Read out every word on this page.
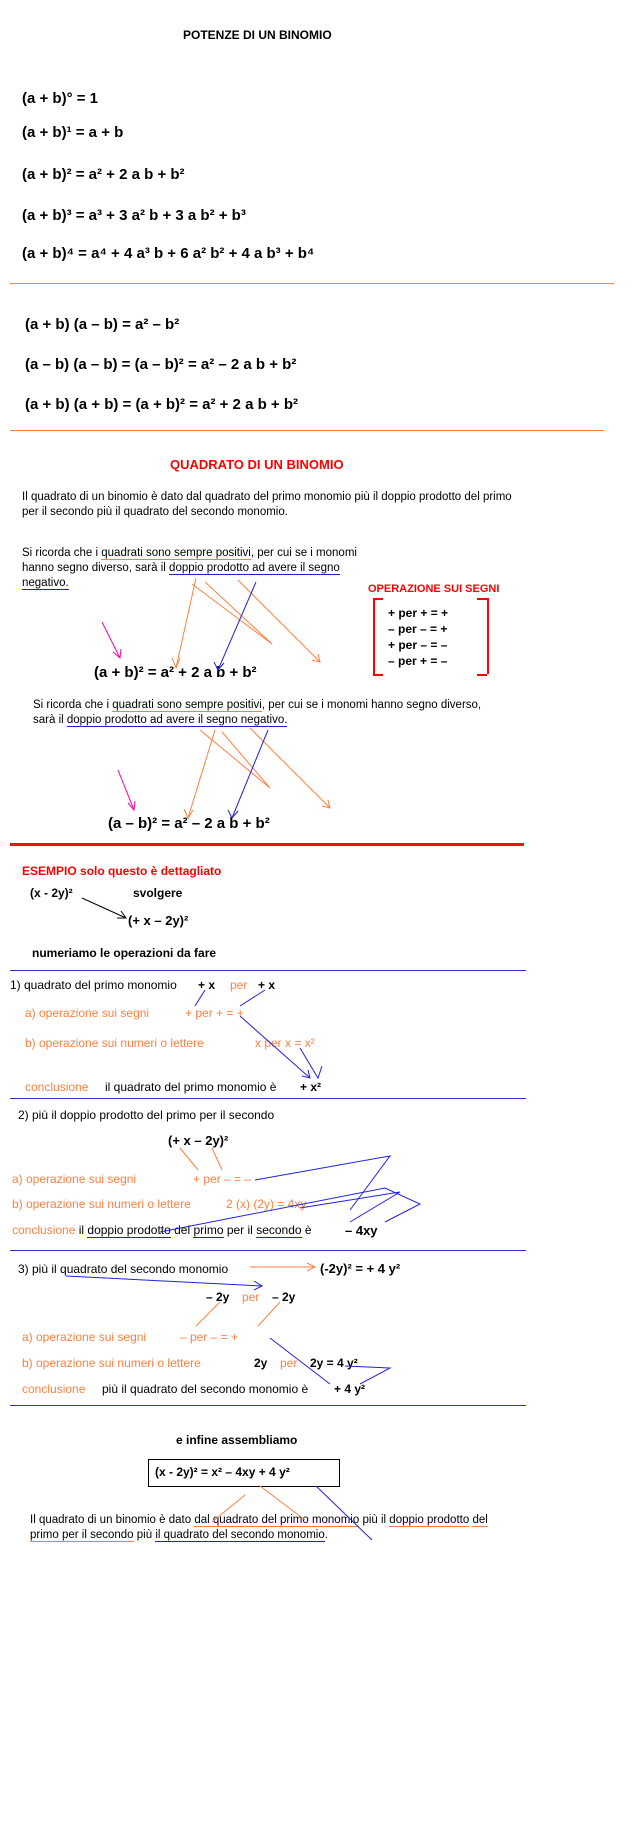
POTENZE DI UN BINOMIO
(a + b)° = 1
(a + b)¹ = a + b
(a + b)² = a² + 2 a b + b²
(a + b)³ = a³ + 3 a² b + 3 a b² + b³
(a + b)⁴ = a⁴ + 4 a³ b + 6 a² b² + 4 a b³ + b⁴
(a + b) (a – b) = a² – b²
(a – b) (a – b) = (a – b)² = a² – 2 a b + b²
(a + b) (a + b) = (a + b)² = a² + 2 a b + b²
QUADRATO DI UN BINOMIO
Il quadrato di un binomio è dato dal quadrato del primo monomio più il doppio prodotto del primo per il secondo più il quadrato del secondo monomio.
Si ricorda che i quadrati sono sempre positivi, per cui se i monomi hanno segno diverso, sarà il doppio prodotto ad avere il segno negativo.	OPERAZIONE SUI SEGNI
+ per + = +
– per – = +
+ per – = –
– per + = –
(a + b)² = a² + 2 a b + b²
Si ricorda che i quadrati sono sempre positivi, per cui se i monomi hanno segno diverso, sarà il doppio prodotto ad avere il segno negativo.
(a – b)² = a² – 2 a b + b²
ESEMPIO solo questo è dettagliato
(x - 2y)²	svolgere
(+ x – 2y)²
numeriamo le operazioni da fare
1) quadrato del primo monomio + x per + x
a) operazione sui segni	+ per + = +
b) operazione sui numeri o lettere	x per x = x²
conclusione il quadrato del primo monomio è + x²
2) più il doppio prodotto del primo per il secondo
(+ x – 2y)²
a) operazione sui segni	+ per – = –
b) operazione sui numeri o lettere	2 (x) (2y) = 4xy
conclusione il doppio prodotto del primo per il secondo è	– 4xy
3) più il quadrato del secondo monomio	(-2y)² = + 4 y²
– 2y per – 2y
a) operazione sui segni	– per – = +
b) operazione sui numeri o lettere	2y per 2y = 4 y²
conclusione più il quadrato del secondo monomio è + 4 y²
e infine assembliamo
(x - 2y)² = x² – 4xy + 4 y²
Il quadrato di un binomio è dato dal quadrato del primo monomio più il doppio prodotto del primo per il secondo più il quadrato del secondo monomio.
